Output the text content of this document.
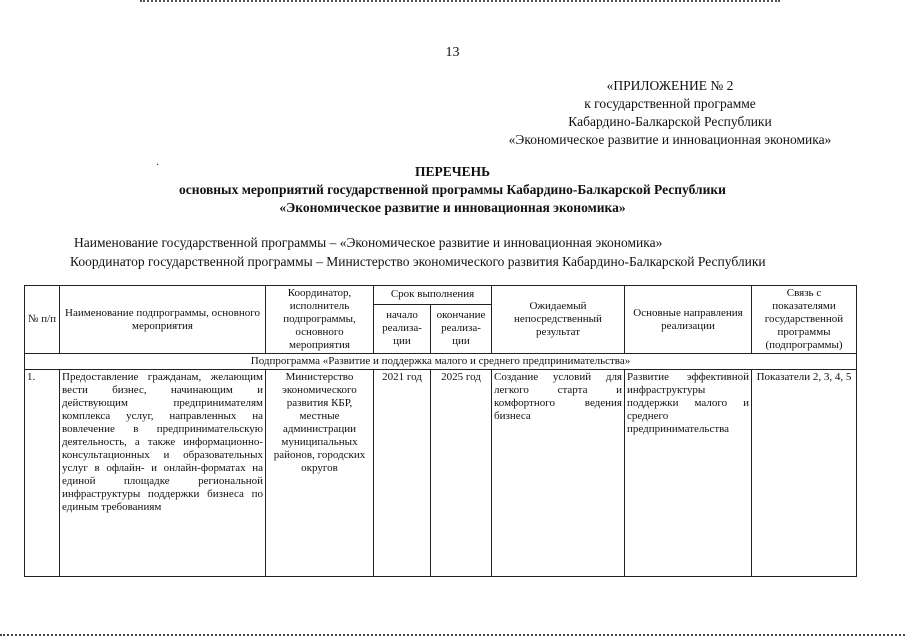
13
«ПРИЛОЖЕНИЕ № 2
к государственной программе
Кабардино-Балкарской Республики
«Экономическое развитие и инновационная экономика»
·	ПЕРЕЧЕНЬ
основных мероприятий государственной программы Кабардино-Балкарской Республики
«Экономическое развитие и инновационная экономика»
Наименование государственной программы – «Экономическое развитие и инновационная экономика»
Координатор государственной программы – Министерство экономического развития Кабардино-Балкарской Республики
№ п/п	Наименование подпрограммы, основного мероприятия	Координатор, исполнитель подпрограммы, основного мероприятия	Срок выполнения		Ожидаемый непосредственный результат	Основные направления реализации	Связь с показателями государственной программы (подпрограммы)
			начало реализа-ции	окончание реализа-ции			
Подпрограмма «Развитие и поддержка малого и среднего предпринимательства»							
1.	Предоставление гражданам, желающим вести бизнес, начинающим и действующим предпринимателям комплекса услуг, направленных на вовлечение в предпринимательскую деятельность, а также информационно-консультационных и образовательных услуг в офлайн- и онлайн-форматах на единой площадке региональной инфраструктуры поддержки бизнеса по единым требованиям	Министерство экономического развития КБР, местные администрации муниципальных районов, городских округов	2021 год	2025 год	Создание условий для легкого старта и комфортного ведения бизнеса	Развитие эффективной инфраструктуры поддержки малого и среднего предпринимательства	Показатели 2, 3, 4, 5
